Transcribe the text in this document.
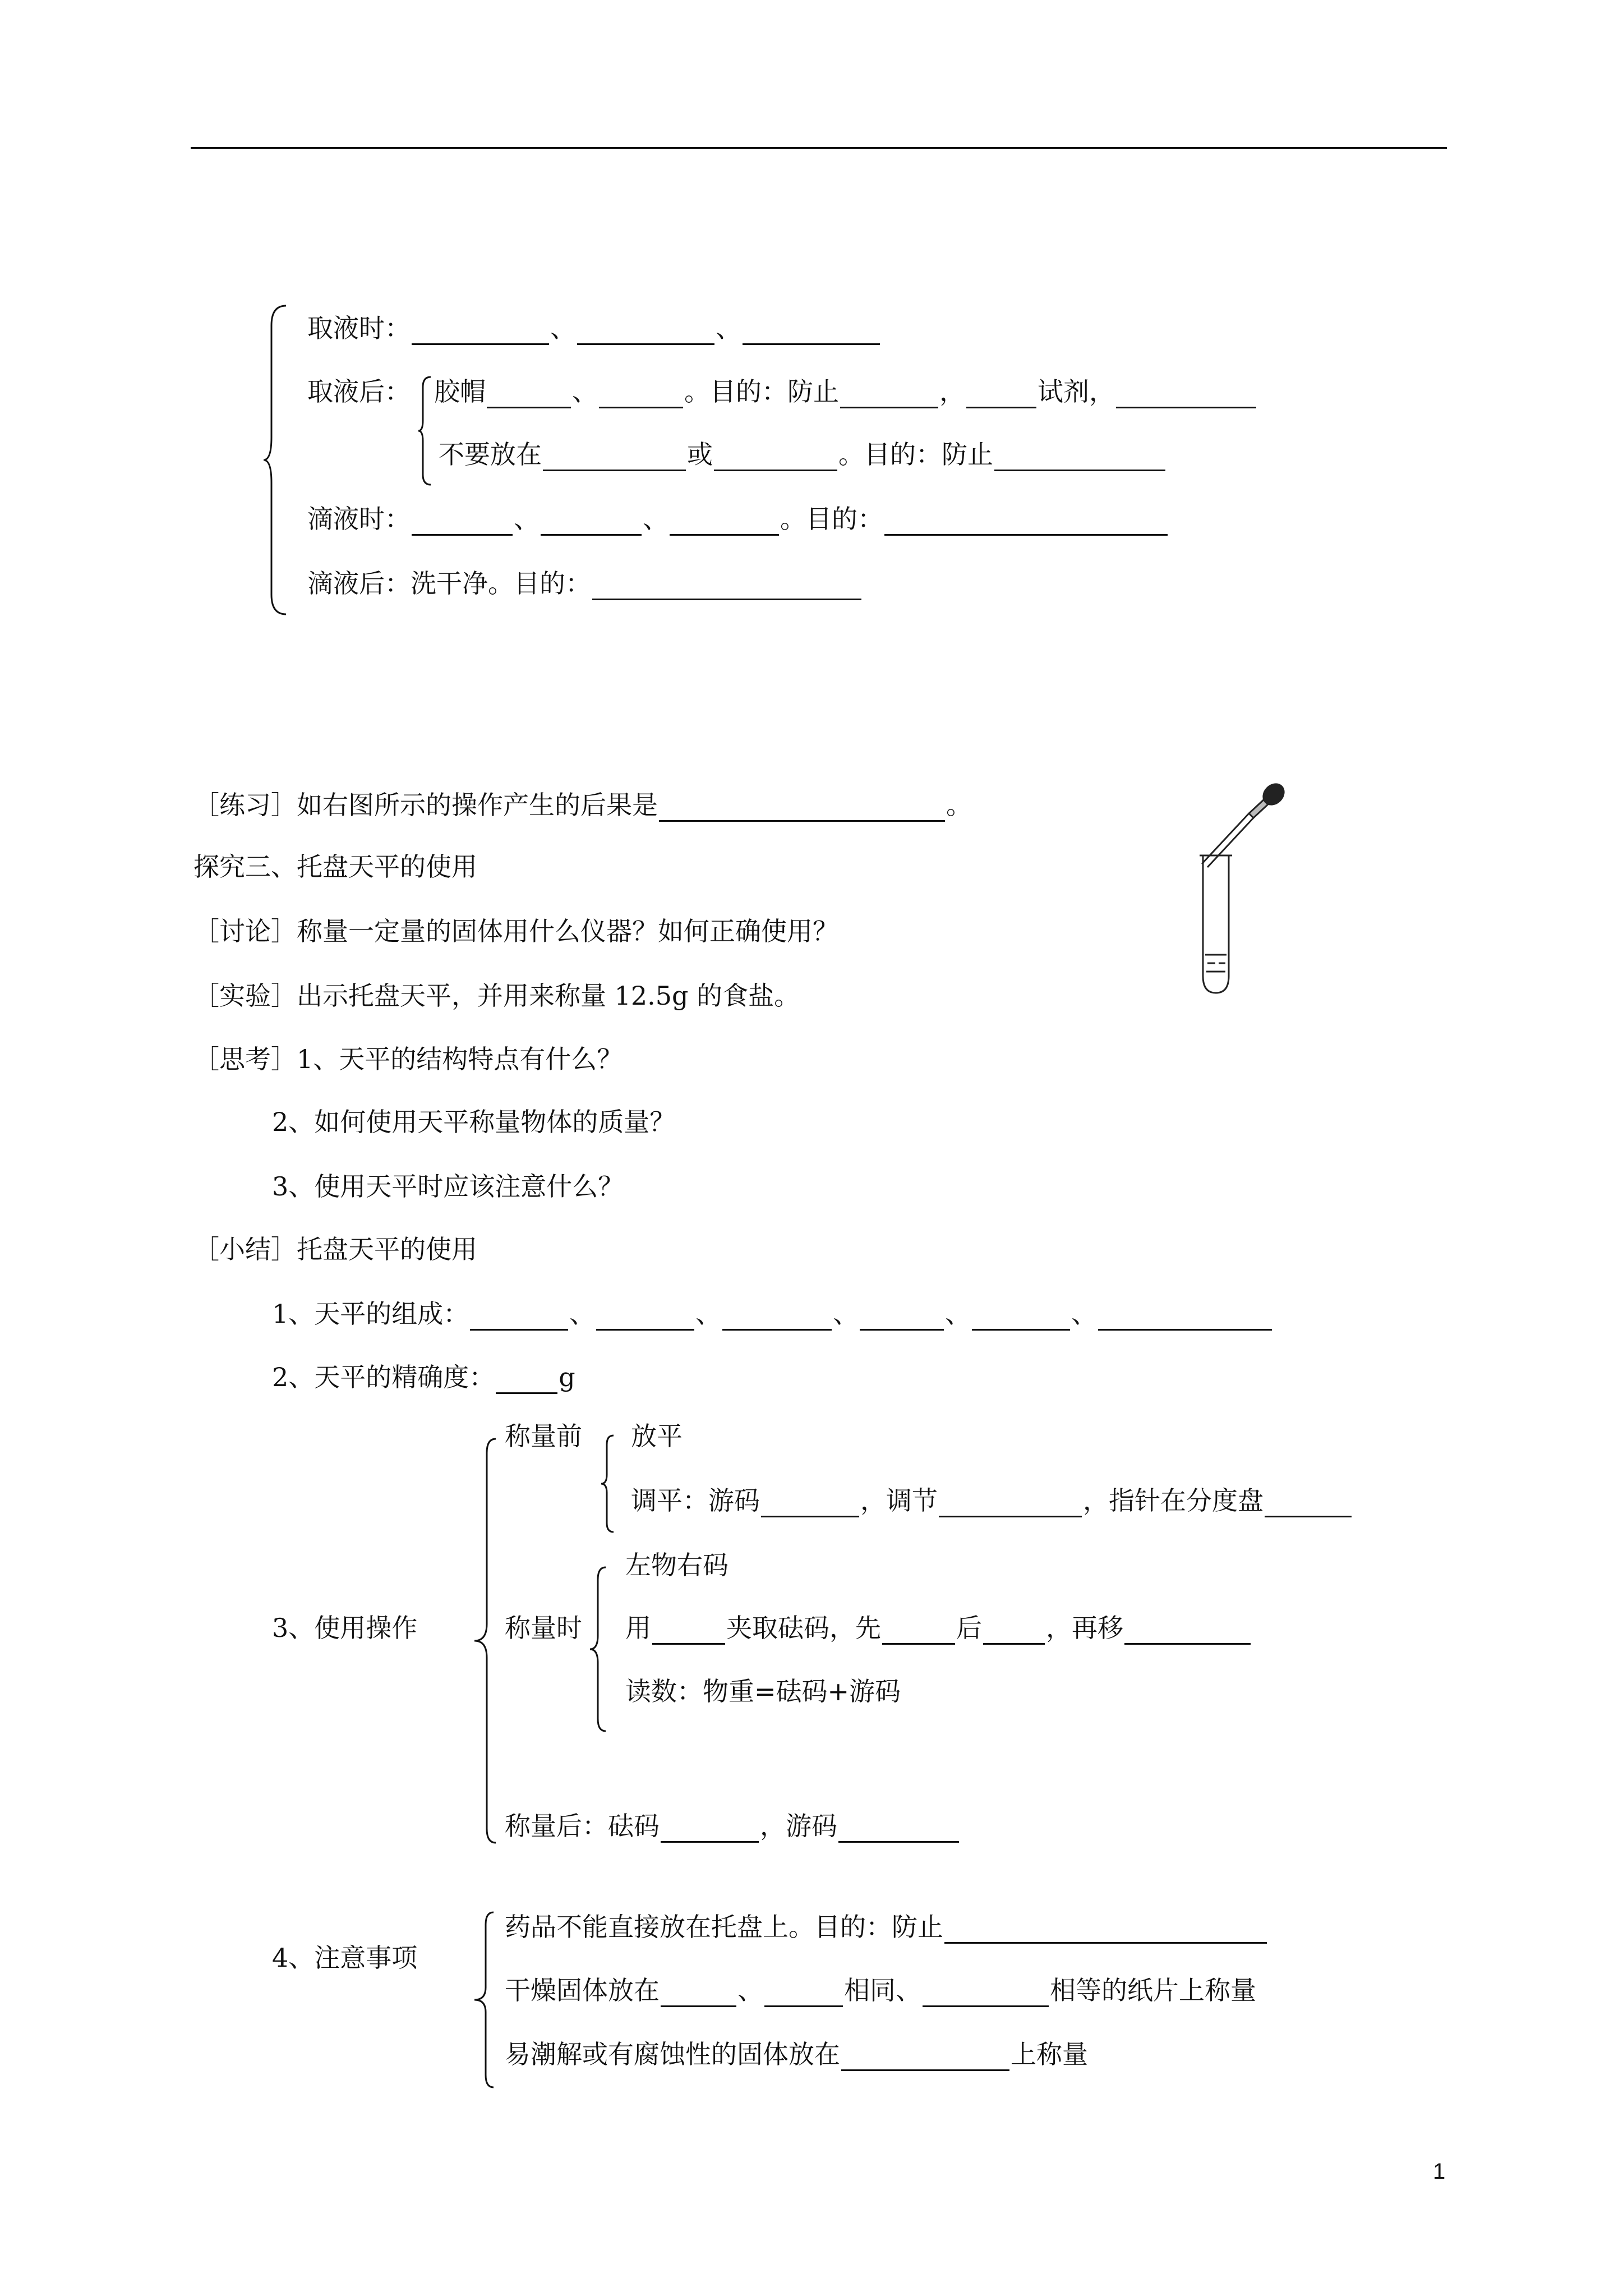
取液时：	、	、
取液后： 胶帽	、	。目的：防止	，	试剂，
不要放在	或	。目的：防止
滴液时：	、	、	。目的：
滴液后：洗干净。目的：
［练习］如右图所示的操作产生的后果是	。
探究三、托盘天平的使用
［讨论］称量一定量的固体用什么仪器？如何正确使用？
［实验］出示托盘天平，并用来称量 12.5g 的食盐。
［思考］1、天平的结构特点有什么？
2、如何使用天平称量物体的质量？
3、使用天平时应该注意什么？
［小结］托盘天平的使用
1、天平的组成：	、	、	、	、	、
2、天平的精确度： g
称量前 放平
调平：游码	，调节	，指针在分度盘
3、使用操作
左物右码
称量时 用	夹取砝码，先	后 ，再移
读数：物重=砝码+游码
称量后：砝码	，游码
4、注意事项
药品不能直接放在托盘上。目的：防止
干燥固体放在	、	相同、	相等的纸片上称量
易潮解或有腐蚀性的固体放在	上称量
1
